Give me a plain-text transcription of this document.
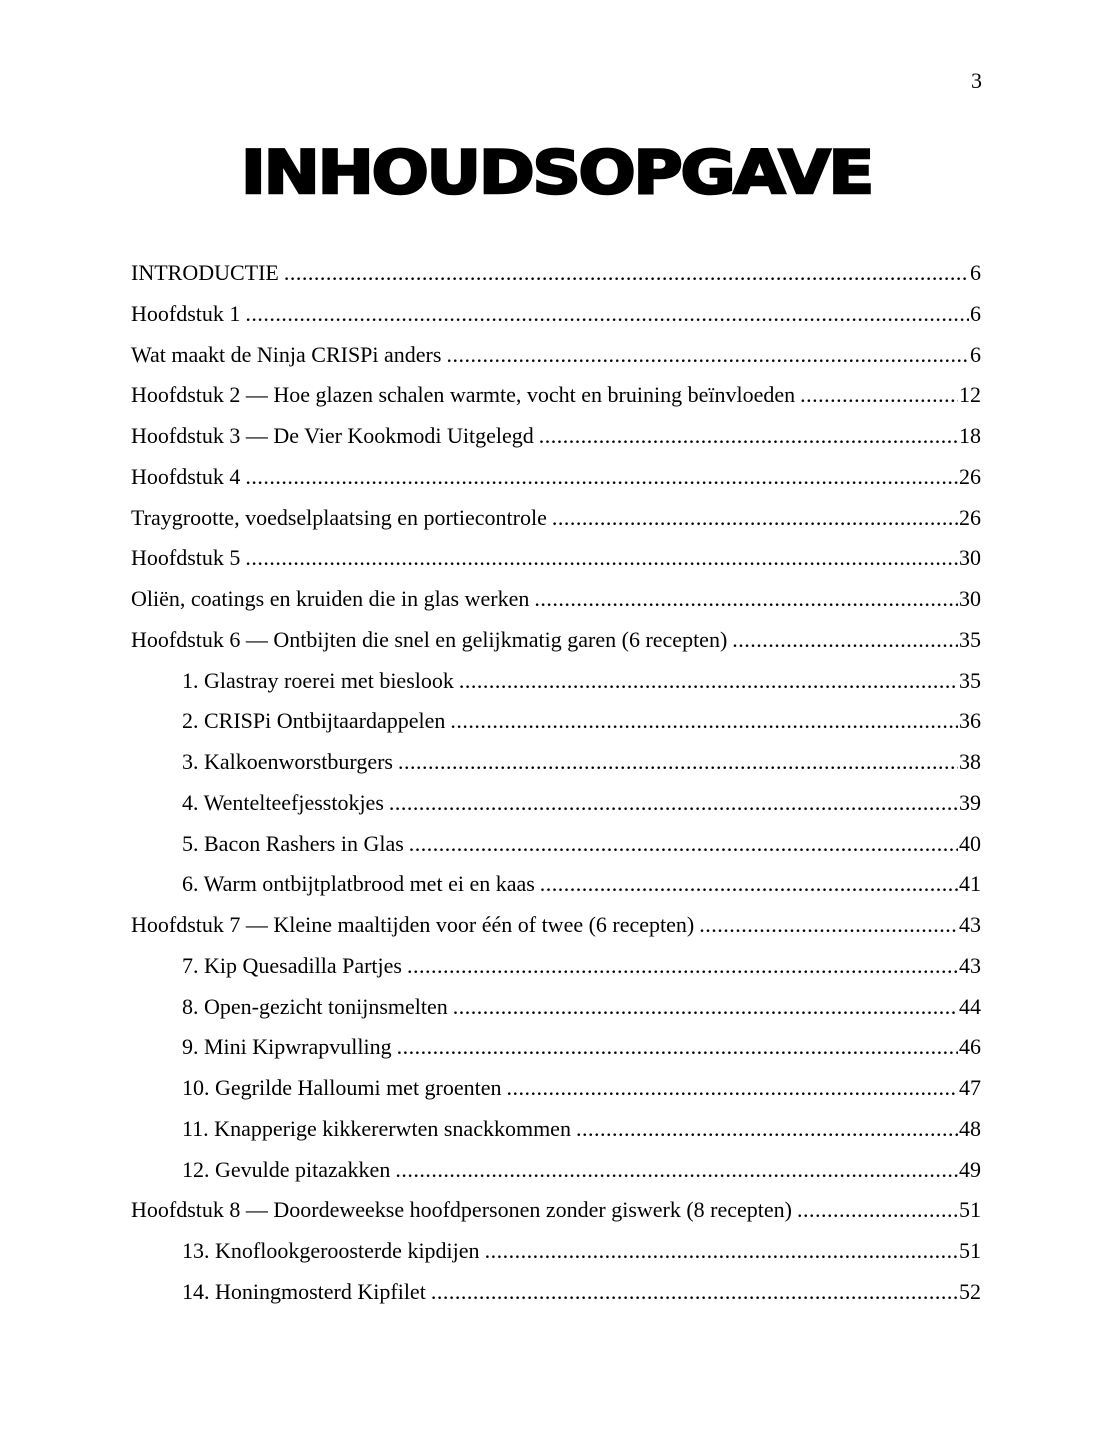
3
INHOUDSOPGAVE
INTRODUCTIE .....	6
Hoofdstuk 1 .....	6
Wat maakt de Ninja CRISPi anders .....	6
Hoofdstuk 2 — Hoe glazen schalen warmte, vocht en bruining beïnvloeden .....	12
Hoofdstuk 3 — De Vier Kookmodi Uitgelegd .....	18
Hoofdstuk 4 .....	26
Traygrootte, voedselplaatsing en portiecontrole .....	26
Hoofdstuk 5 .....	30
Oliën, coatings en kruiden die in glas werken .....	30
Hoofdstuk 6 — Ontbijten die snel en gelijkmatig garen (6 recepten) .....	35
1. Glastray roerei met bieslook .....	35
2. CRISPi Ontbijtaardappelen .....	36
3. Kalkoenworstburgers .....	38
4. Wentelteefjesstokjes .....	39
5. Bacon Rashers in Glas .....	40
6. Warm ontbijtplatbrood met ei en kaas .....	41
Hoofdstuk 7 — Kleine maaltijden voor één of twee (6 recepten) .....	43
7. Kip Quesadilla Partjes .....	43
8. Open-gezicht tonijnsmelten .....	44
9. Mini Kipwrapvulling .....	46
10. Gegrilde Halloumi met groenten .....	47
11. Knapperige kikkererwten snackkommen .....	48
12. Gevulde pitazakken .....	49
Hoofdstuk 8 — Doordeweekse hoofdpersonen zonder giswerk (8 recepten) .....	51
13. Knoflookgeroosterde kipdijen .....	51
14. Honingmosterd Kipfilet .....	52
